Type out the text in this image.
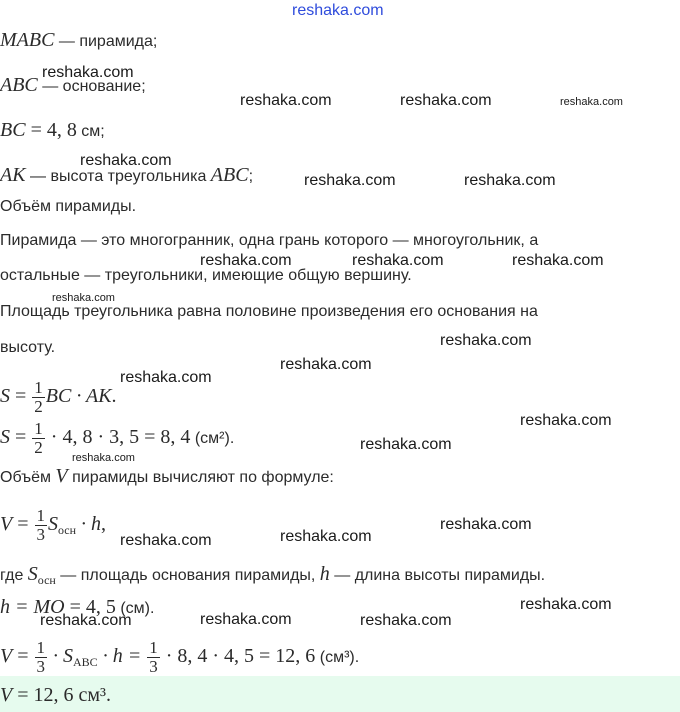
reshaka.com
MABC — пирамида;
ABC — основание;
BC = 4, 8 см;
AK — высота треугольника ABC;
Объём пирамиды.
Пирамида — это многогранник, одна грань которого — многоугольник, а
остальные — треугольники, имеющие общую вершину.
Площадь треугольника равна половине произведения его основания на
высоту.
$S = \frac{1}{2}$ BC · AK.
$S = \frac{1}{2} \cdot 4$, 8 · 3, 5 = 8, 4 (см²).
Объём V пирамиды вычисляют по формуле:
$V = \frac{1}{3} S_{осн} \cdot h$,
где $S_{осн}$ — площадь основания пирамиды, h — длина высоты пирамиды.
h = MO = 4, 5 (см).
$V = \frac{1}{3} \cdot S_{ABC} \cdot h = \frac{1}{3} \cdot 8$, 4 · 4, 5 = 12, 6 (см³).
V = 12, 6 см³.
reshaka.com
reshaka.com	reshaka.com	reshaka.com
reshaka.com
reshaka.com	reshaka.com
reshaka.com	reshaka.com	reshaka.com
reshaka.com
reshaka.com
reshaka.com
reshaka.com
reshaka.com
reshaka.com
reshaka.com
reshaka.com
reshaka.com
reshaka.com
reshaka.com
reshaka.com
reshaka.com	reshaka.com
